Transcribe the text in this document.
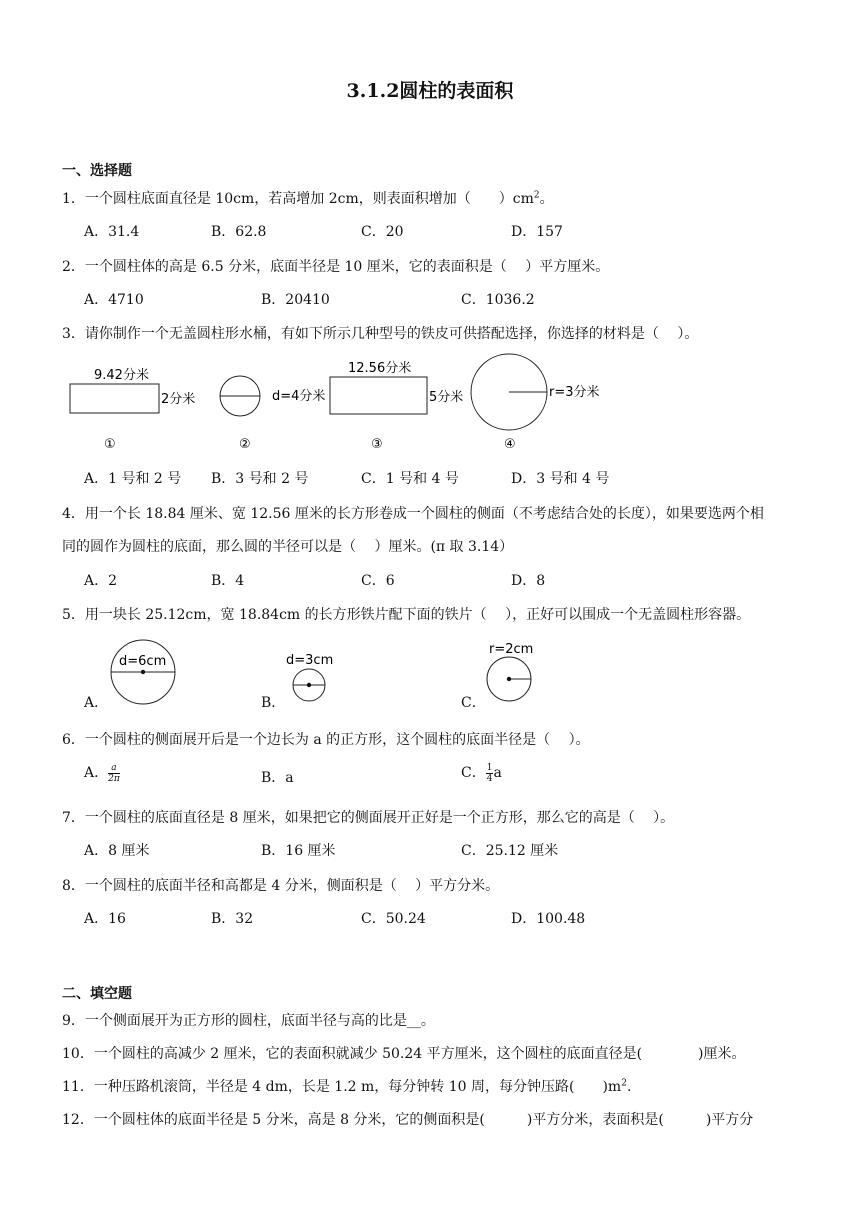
3.1.2圆柱的表面积
一、选择题
1．一个圆柱底面直径是 10cm，若高增加 2cm，则表面积增加（　　）$cm^2$。
A．31.4	B．62.8	C．20	D．157
2．一个圆柱体的高是 6.5 分米，底面半径是 10 厘米，它的表面积是（　 ）平方厘米。
A．4710	B．20410	C．1036.2
3．请你制作一个无盖圆柱形水桶，有如下所示几种型号的铁皮可供搭配选择，你选择的材料是（　 ）。
9.42分米
2分米
①
d=4分米
②
12.56分米
5分米
③
r=3分米
④
A．1 号和 2 号 B．3 号和 2 号	C．1 号和 4 号	D．3 号和 4 号
4．用一个长 18.84 厘米、宽 12.56 厘米的长方形卷成一个圆柱的侧面（不考虑结合处的长度），如果要选两个相
同的圆作为圆柱的底面，那么圆的半径可以是（　 ）厘米。(π 取 3.14）
A．2	B．4	C．6	D．8
5．用一块长 25.12cm，宽 18.84cm 的长方形铁片配下面的铁片（　 ），正好可以围成一个无盖圆柱形容器。
A．	B．	C．
d=6cm	d=3cm
r=2cm
6．一个圆柱的侧面展开后是一个边长为 a 的正方形，这个圆柱的底面半径是（　 ）。
A． $\frac{a}{2\pi}$	B．a	C． $\frac{1}{4}$ a
7．一个圆柱的底面直径是 8 厘米，如果把它的侧面展开正好是一个正方形，那么它的高是（　 ）。
A．8 厘米	B．16 厘米	C．25.12 厘米
8．一个圆柱的底面半径和高都是 4 分米，侧面积是（　 ）平方分米。
A．16	B．32	C．50.24	D．100.48
二、填空题
9．一个侧面展开为正方形的圆柱，底面半径与高的比是__。
10．一个圆柱的高减少 2 厘米，它的表面积就减少 50.24 平方厘米，这个圆柱的底面直径是(　　　　)厘米。
11．一种压路机滚筒，半径是 4 dm，长是 1.2 m，每分钟转 10 周，每分钟压路(　　)$m^2$.
12．一个圆柱体的底面半径是 5 分米，高是 8 分米，它的侧面积是(　　　)平方分米，表面积是(　　　)平方分
